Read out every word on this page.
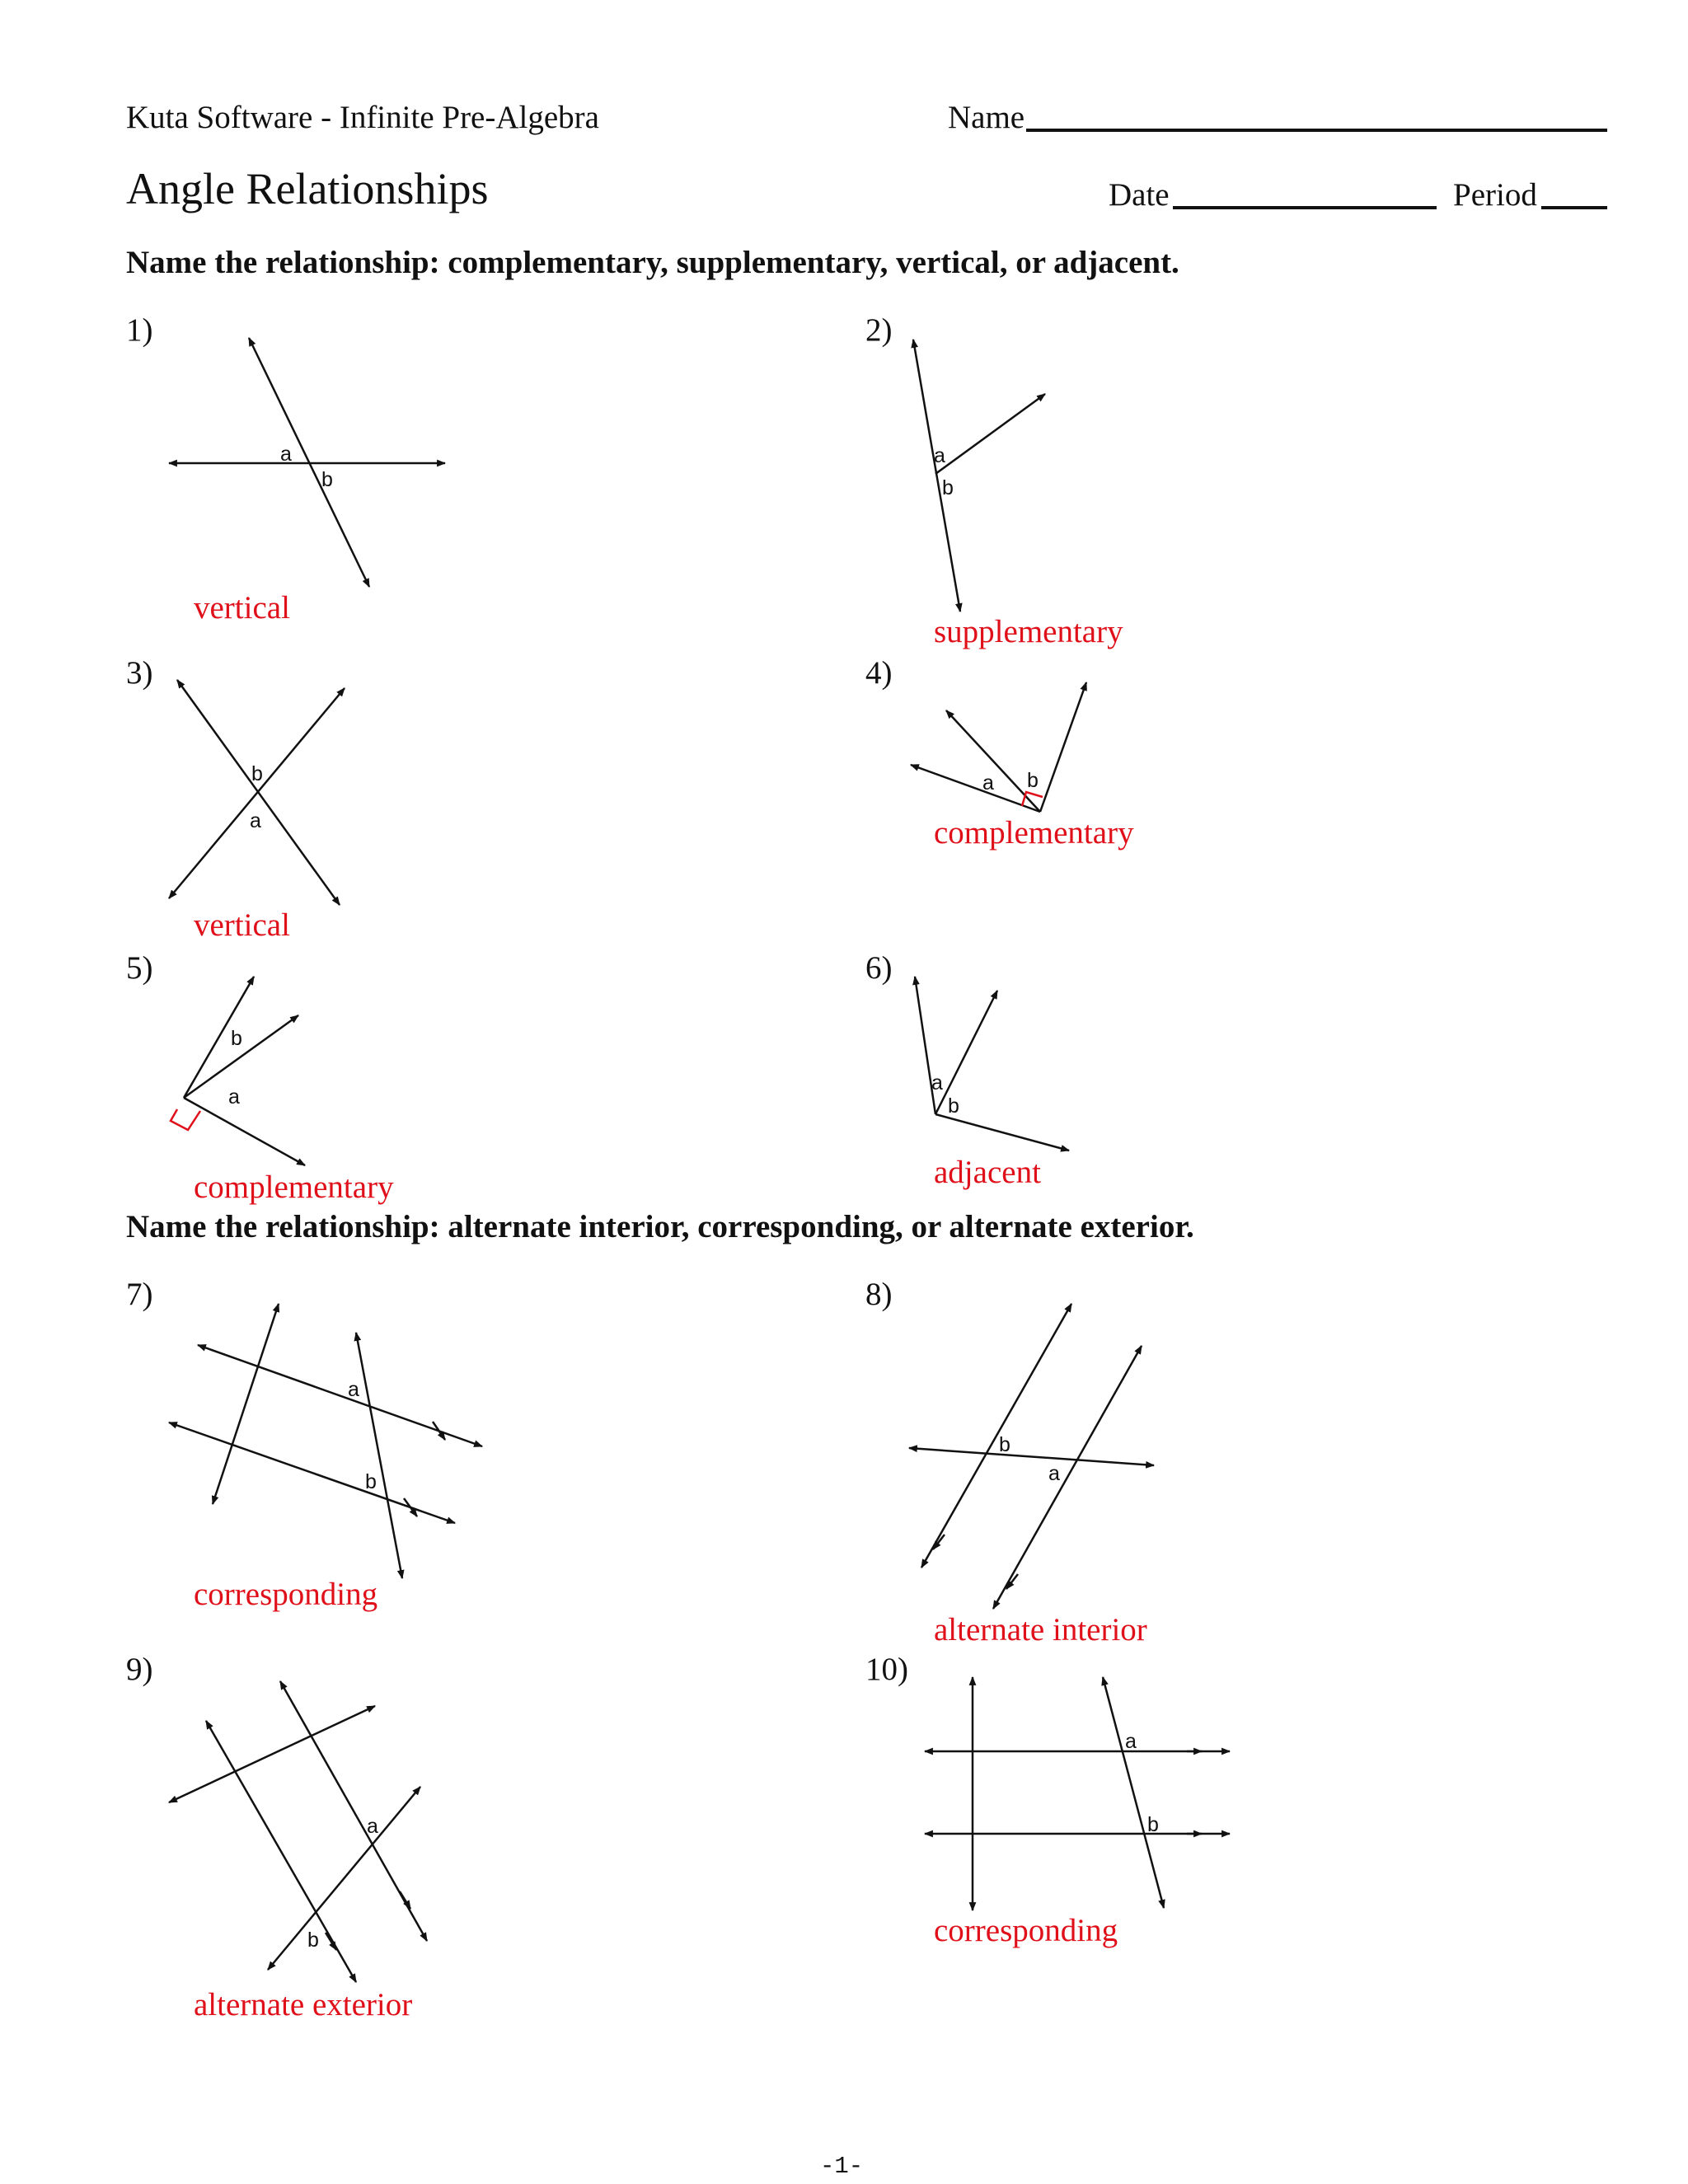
Kuta Software - Infinite Pre-Algebra	Name
Angle Relationships	Date	Period
Name the relationship: complementary, supplementary, vertical, or adjacent.
1)	2)
vertical
supplementary
3)	4)
complementary
vertical
5)	6)
adjacent
complementary
Name the relationship: alternate interior, corresponding, or alternate exterior.
7)	8)
corresponding
alternate interior
9)	10)
corresponding
alternate exterior
-1-
a
b
a
b
b
a
a b
b
a
a
b
a
b
b
a
a
b
a
b
